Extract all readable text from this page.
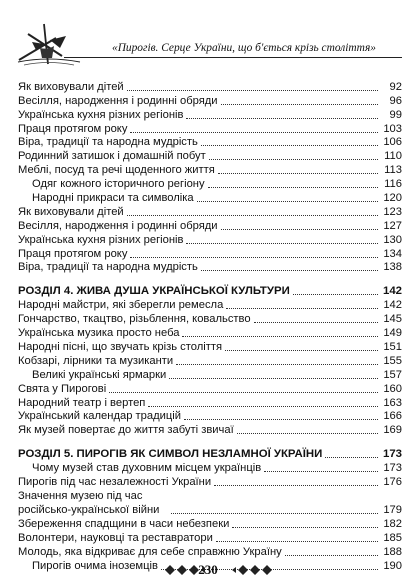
«Пирогів. Серце України, що б'ється крізь століття»
Як виховували дітей	92
Весілля, народження і родинні обряди	96
Українська кухня різних регіонів	99
Праця протягом року	103
Віра, традиції та народна мудрість	106
Родинний затишок і домашній побут	110
Меблі, посуд та речі щоденного життя	113
Одяг кожного історичного регіону	116
Народні прикраси та символіка	120
Як виховували дітей	123
Весілля, народження і родинні обряди	127
Українська кухня різних регіонів	130
Праця протягом року	134
Віра, традиції та народна мудрість	138
РОЗДІЛ 4. ЖИВА ДУША УКРАЇНСЬКОЇ КУЛЬТУРИ	142
Народні майстри, які зберегли ремесла	142
Гончарство, ткацтво, різьблення, ковальство	145
Українська музика просто неба	149
Народні пісні, що звучать крізь століття	151
Кобзарі, лірники та музиканти	155
Великі українські ярмарки	157
Свята у Пирогові	160
Народний театр і вертеп	163
Український календар традицій	166
Як музей повертає до життя забуті звичаї	169
РОЗДІЛ 5. ПИРОГІВ ЯК СИМВОЛ НЕЗЛАМНОЇ УКРАЇНИ	173
Чому музей став духовним місцем українців	173
Пирогів під час незалежності України	176
Значення музею під час російсько-української війни	179
Збереження спадщини в часи небезпеки	182
Волонтери, науковці та реставратори	185
Молодь, яка відкриває для себе справжню Україну	188
Пирогів очима іноземців	190
230
